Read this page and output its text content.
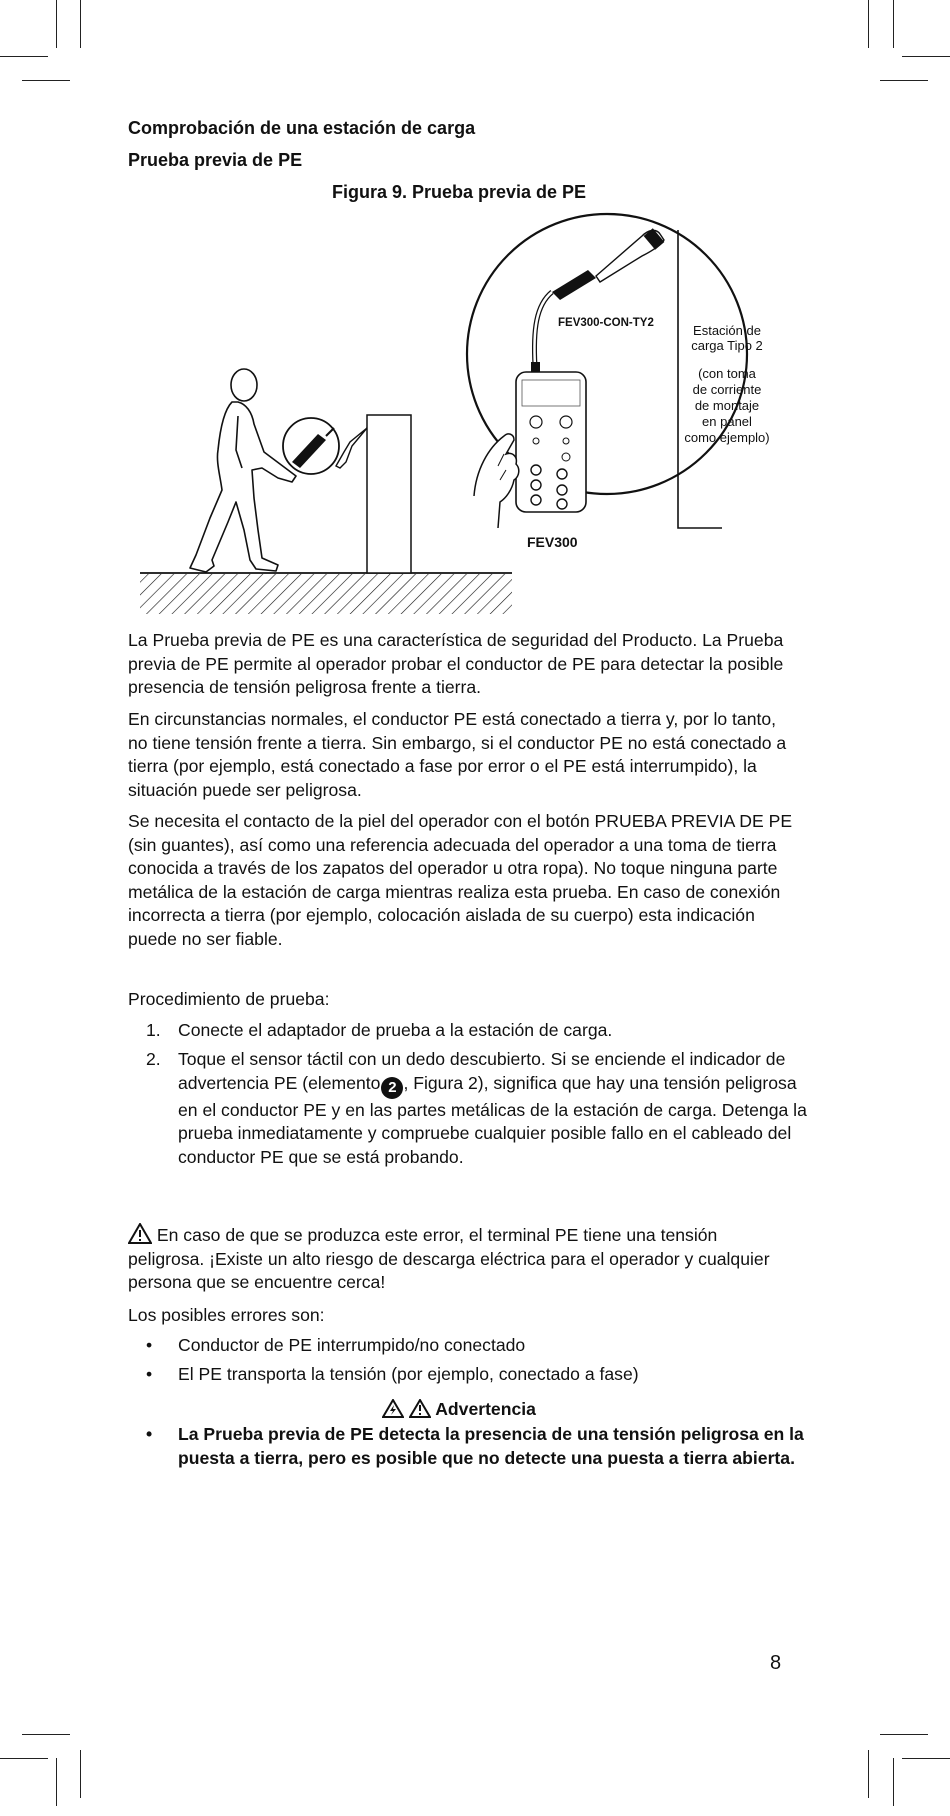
Comprobación de una estación de carga
Prueba previa de PE
Figura 9. Prueba previa de PE
FEV300-CON-TY2	Estación de
carga Tipo 2
(con toma
de corriente
de montaje
en panel
como ejemplo)
FEV300

La Prueba previa de PE es una característica de seguridad del Producto. La Prueba previa de PE permite al operador probar el conductor de PE para detectar la posible presencia de tensión peligrosa frente a tierra.

En circunstancias normales, el conductor PE está conectado a tierra y, por lo tanto, no tiene tensión frente a tierra. Sin embargo, si el conductor PE no está conectado a tierra (por ejemplo, está conectado a fase por error o el PE está interrumpido), la situación puede ser peligrosa.

Se necesita el contacto de la piel del operador con el botón PRUEBA PREVIA DE PE (sin guantes), así como una referencia adecuada del operador a una toma de tierra conocida a través de los zapatos del operador u otra ropa). No toque ninguna parte metálica de la estación de carga mientras realiza esta prueba. En caso de conexión incorrecta a tierra (por ejemplo, colocación aislada de su cuerpo) esta indicación puede no ser fiable.

Procedimiento de prueba:
1. Conecte el adaptador de prueba a la estación de carga.
2. Toque el sensor táctil con un dedo descubierto. Si se enciende el indicador de advertencia PE (elemento 2 , Figura 2), significa que hay una tensión peligrosa en el conductor PE y en las partes metálicas de la estación de carga. Detenga la prueba inmediatamente y compruebe cualquier posible fallo en el cableado del conductor PE que se está probando.
En caso de que se produzca este error, el terminal PE tiene una tensión peligrosa. ¡Existe un alto riesgo de descarga eléctrica para el operador y cualquier persona que se encuentre cerca!
Los posibles errores son:
• Conductor de PE interrumpido/no conectado
• El PE transporta la tensión (por ejemplo, conectado a fase)
Advertencia
• La Prueba previa de PE detecta la presencia de una tensión peligrosa en la puesta a tierra, pero es posible que no detecte una puesta a tierra abierta.
8
